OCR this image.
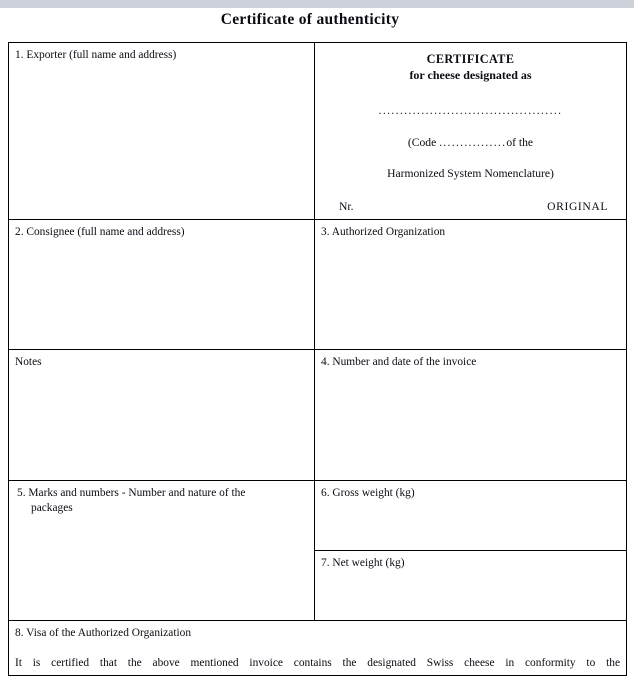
Certificate of authenticity
1. Exporter (full name and address)	CERTIFICATE
for cheese designated as
...........................................
(Code ................of the
Harmonized System Nomenclature)
Nr.	ORIGINAL

2. Consignee (full name and address)	3. Authorized Organization

Notes	4. Number and date of the invoice

5. Marks and numbers - Number and nature of the
packages	6. Gross weight (kg)

	7. Net weight (kg)

8. Visa of the Authorized Organization
It is certified that the above mentioned invoice contains the designated Swiss cheese in conformity to the	
